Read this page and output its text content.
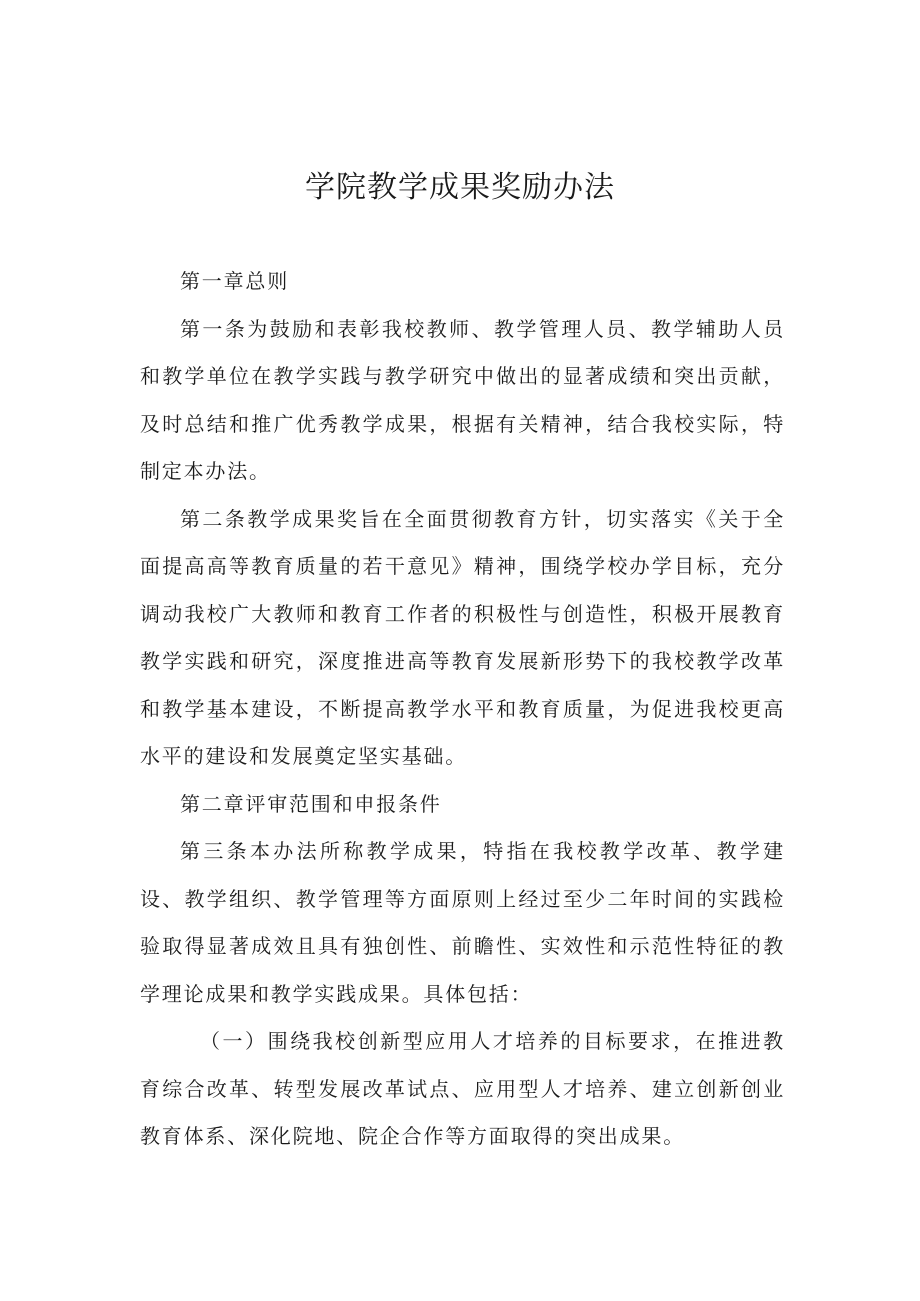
学院教学成果奖励办法

第一章总则

第一条为鼓励和表彰我校教师、教学管理人员、教学辅助人员和教学单位在教学实践与教学研究中做出的显著成绩和突出贡献，及时总结和推广优秀教学成果，根据有关精神，结合我校实际，特制定本办法。

第二条教学成果奖旨在全面贯彻教育方针，切实落实《关于全面提高高等教育质量的若干意见》精神，围绕学校办学目标，充分调动我校广大教师和教育工作者的积极性与创造性，积极开展教育教学实践和研究，深度推进高等教育发展新形势下的我校教学改革和教学基本建设，不断提高教学水平和教育质量，为促进我校更高水平的建设和发展奠定坚实基础。

第二章评审范围和申报条件

第三条本办法所称教学成果，特指在我校教学改革、教学建设、教学组织、教学管理等方面原则上经过至少二年时间的实践检验取得显著成效且具有独创性、前瞻性、实效性和示范性特征的教学理论成果和教学实践成果。具体包括：

（一）围绕我校创新型应用人才培养的目标要求，在推进教育综合改革、转型发展改革试点、应用型人才培养、建立创新创业教育体系、深化院地、院企合作等方面取得的突出成果。
